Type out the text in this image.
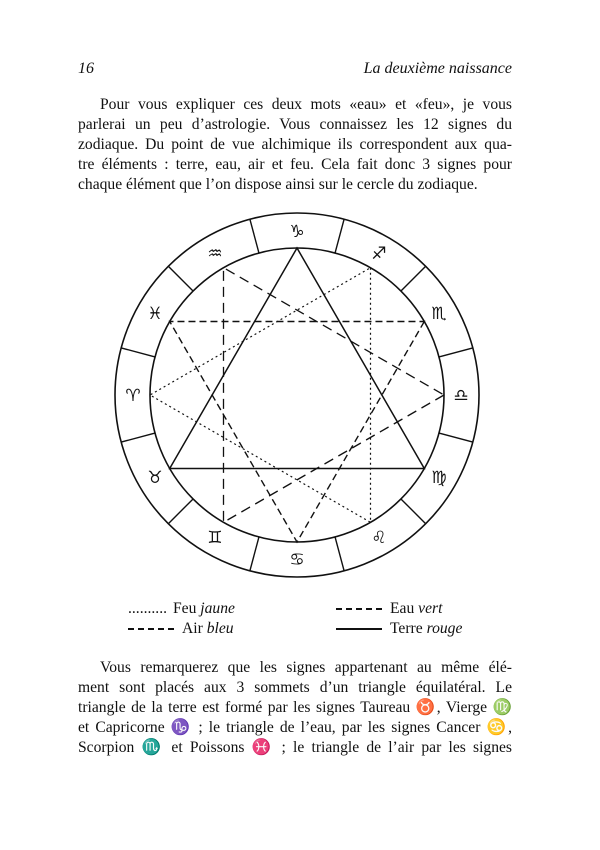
16	La deuxième naissance
Pour vous expliquer ces deux mots «eau» et «feu», je vous
parlerai un peu d’astrologie. Vous connaissez les 12 signes du
zodiaque. Du point de vue alchimique ils correspondent aux qua-
tre éléments : terre, eau, air et feu. Cela fait donc 3 signes pour
chaque élément que l’on dispose ainsi sur le cercle du zodiaque.
♑
♐
♏
♎
♍
♌
♋
♊
♉
♈
♓
♒
.......... Feu jaune
Air bleu
Eau vert
Terre rouge
Vous remarquerez que les signes appartenant au même élé-
ment sont placés aux 3 sommets d’un triangle équilatéral. Le
triangle de la terre est formé par les signes Taureau ♉, Vierge ♍
et Capricorne ♑ ; le triangle de l’eau, par les signes Cancer ♋,
Scorpion ♏ et Poissons ♓ ; le triangle de l’air par les signes
